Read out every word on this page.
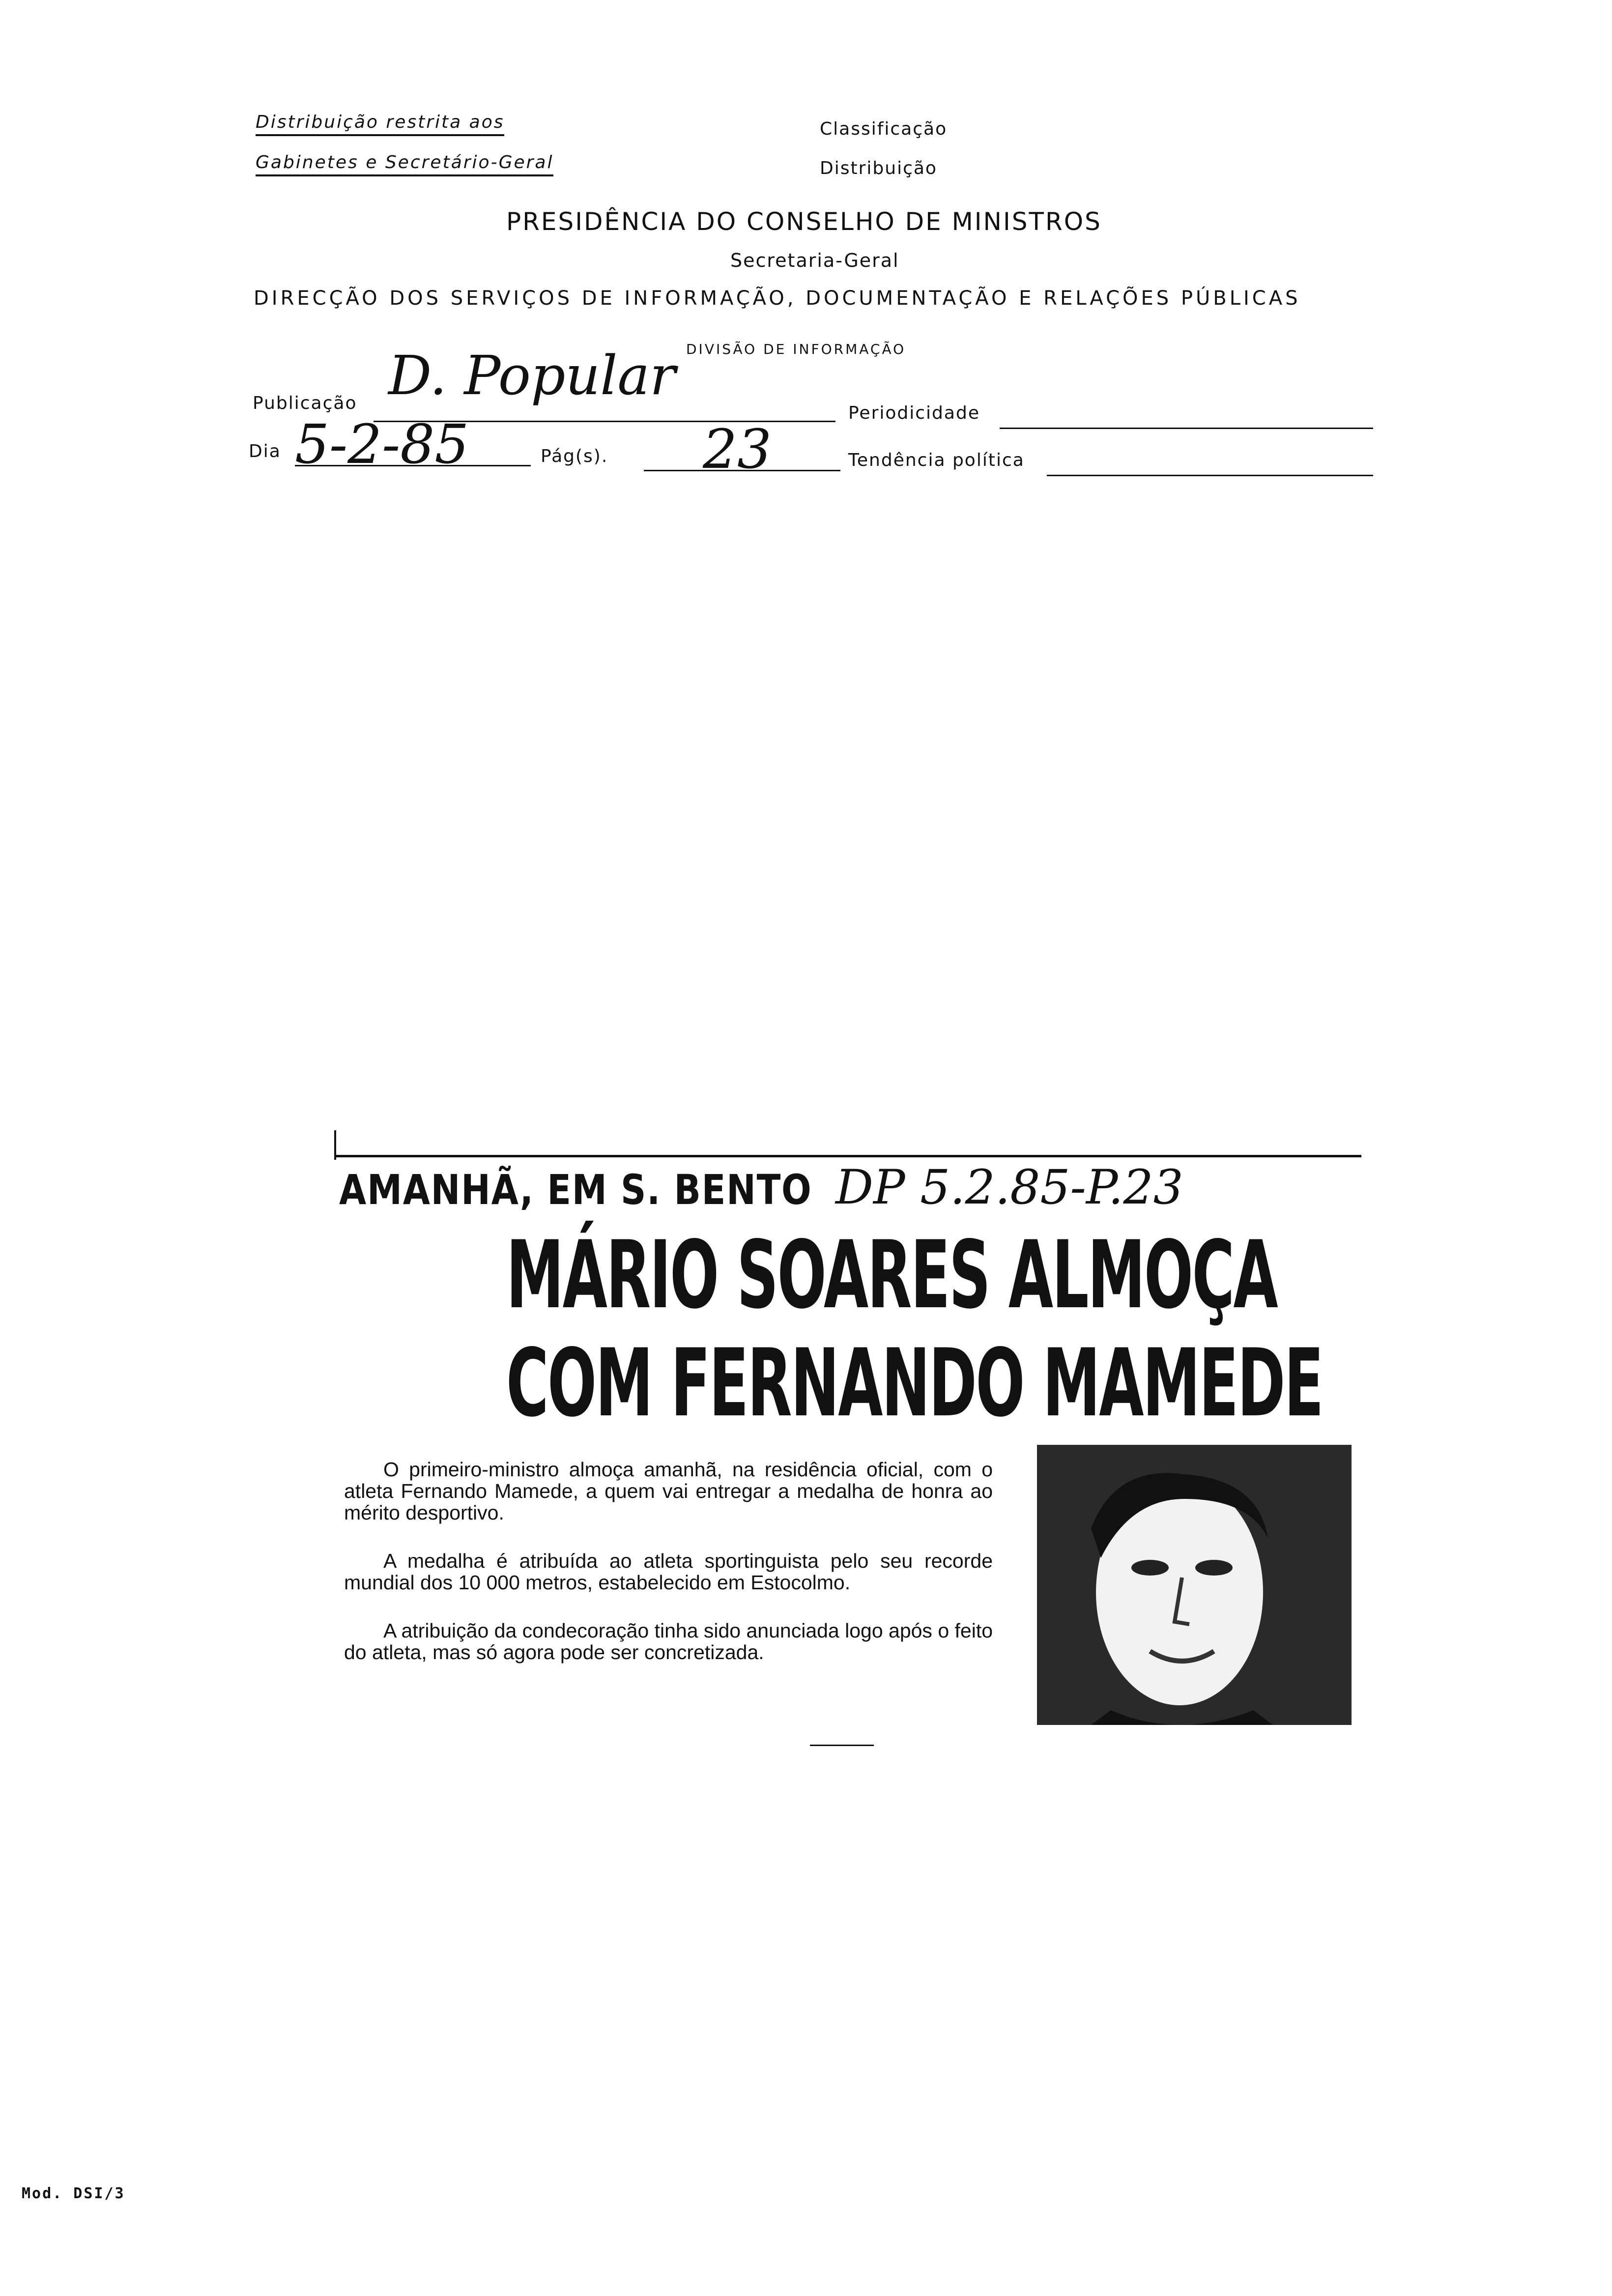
Distribuição restrita aos
Gabinetes e Secretário-Geral
Classificação
Distribuição
PRESIDÊNCIA DO CONSELHO DE MINISTROS
Secretaria-Geral
DIRECÇÃO DOS SERVIÇOS DE INFORMAÇÃO, DOCUMENTAÇÃO E RELAÇÕES PÚBLICAS
DIVISÃO DE INFORMAÇÃO
Publicação D. Popular
Periodicidade
Dia 5-2-85	Pág(s). 23	Tendência política
AMANHÃ, EM S. BENTO DP 5.2.85-P.23
MÁRIO SOARES ALMOÇA
COM FERNANDO MAMEDE

O primeiro-ministro almoça amanhã, na residência oficial, com o atleta Fernando Mamede, a quem vai entregar a medalha de honra ao mérito desportivo.

A medalha é atribuída ao atleta sportinguista pelo seu recorde mundial dos 10 000 metros, estabelecido em Estocolmo.

A atribuição da condecoração tinha sido anunciada logo após o feito do atleta, mas só agora pode ser concretizada.

Mod. DSI/3
